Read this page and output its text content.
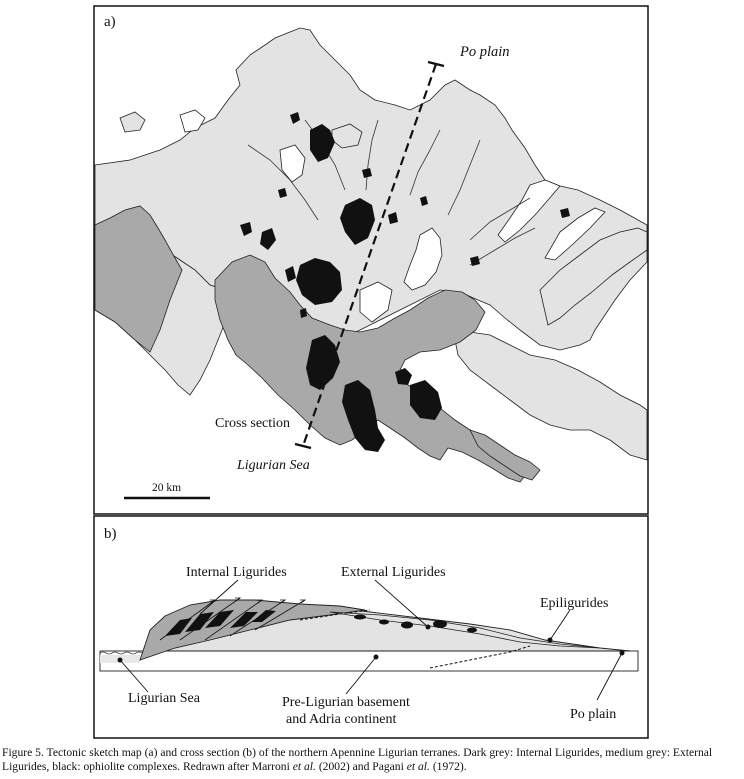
a)
Po plain
Cross section
Ligurian Sea
20 km
b)
Internal Ligurides	External Ligurides
Epiligurides
Ligurian Sea	Pre-Ligurian basement
and Adria continent	Po plain
Figure 5. Tectonic sketch map (a) and cross section (b) of the northern Apennine Ligurian terranes. Dark grey: Internal Ligurides, medium grey: External Ligurides, black: ophiolite complexes. Redrawn after Marroni et al. (2002) and Pagani et al. (1972).
